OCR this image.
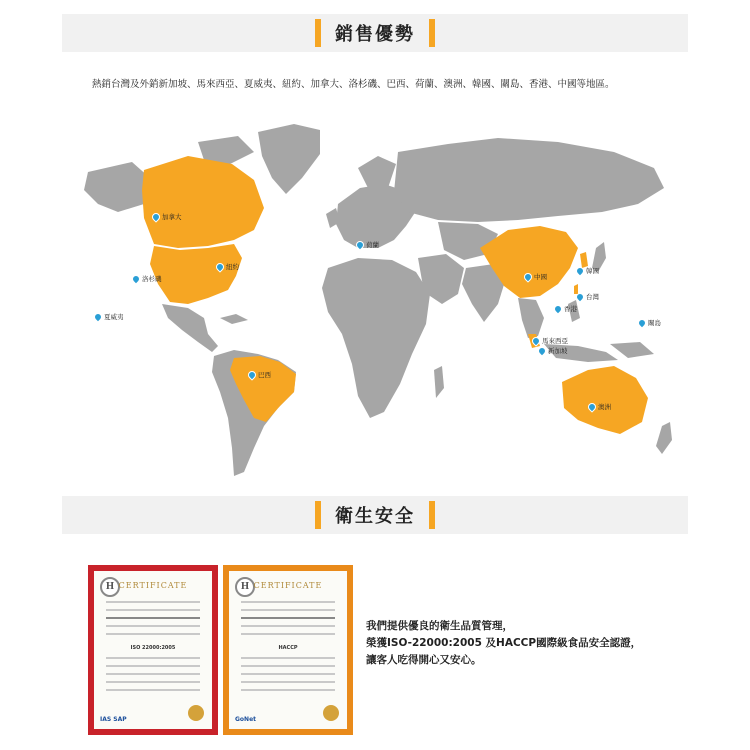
銷售優勢
熱銷台灣及外銷新加坡、馬來西亞、夏威夷、紐約、加拿大、洛杉磯、巴西、荷蘭、澳洲、韓國、關島、香港、中國等地區。
加拿大
荷蘭
紐約
洛杉磯
夏威夷
中國
韓國
台灣
香港
關島
馬來西亞
新加坡
巴西
澳洲
衛生安全
H CERTIFICATE
ISO 22000:2005
IAS SAP
H CERTIFICATE
HACCP
GoNet
我們提供優良的衛生品質管理，
榮獲ISO-22000:2005 及HACCP國際級食品安全認證，
讓客人吃得開心又安心。
